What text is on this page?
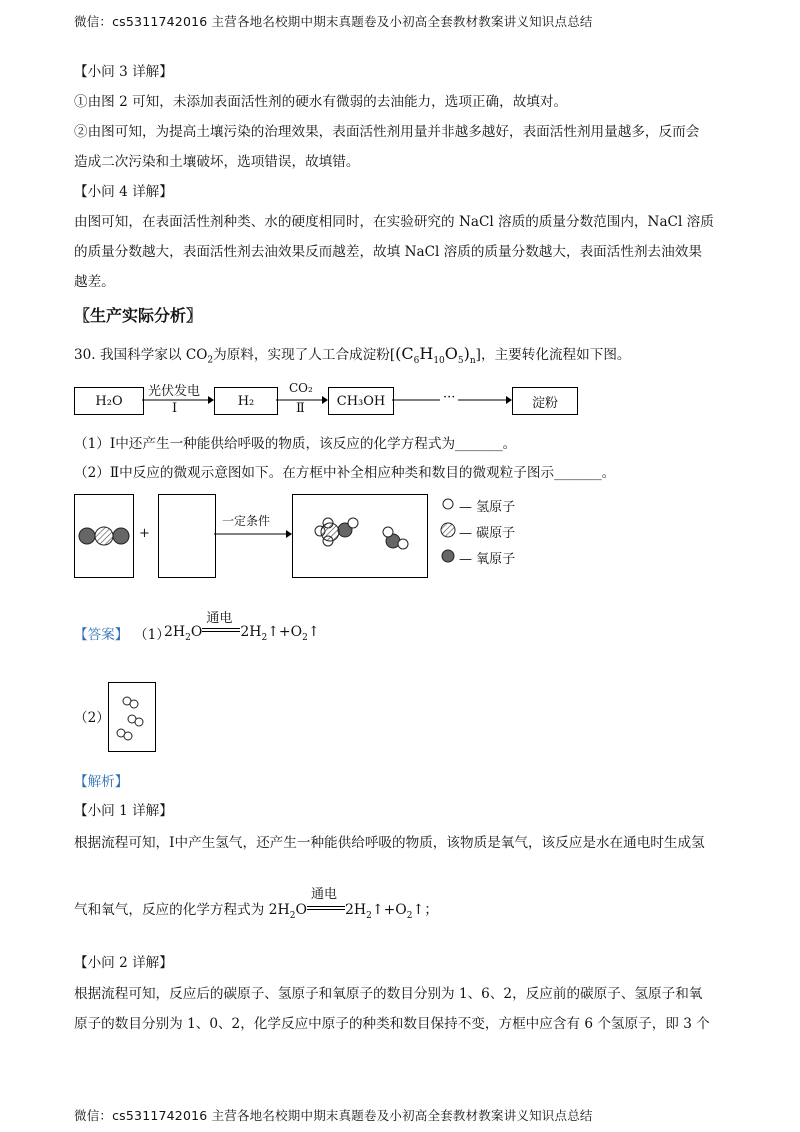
微信：cs5311742016 主营各地名校期中期末真题卷及小初高全套教材教案讲义知识点总结
【小问 3 详解】
①由图 2 可知，未添加表面活性剂的硬水有微弱的去油能力，选项正确，故填对。
②由图可知，为提高土壤污染的治理效果，表面活性剂用量并非越多越好，表面活性剂用量越多，反而会
造成二次污染和土壤破坏，选项错误，故填错。
【小问 4 详解】
由图可知，在表面活性剂种类、水的硬度相同时，在实验研究的 NaCl 溶质的质量分数范围内，NaCl 溶质
的质量分数越大，表面活性剂去油效果反而越差，故填 NaCl 溶质的质量分数越大，表面活性剂去油效果
越差。
〖生产实际分析〗
30. 我国科学家以 $CO_2$为原料，实现了人工合成淀粉$[(C_6H_{10}O_5)_n]$，主要转化流程如下图。
H₂O
光伏发电
Ⅰ	H₂
CO₂
Ⅱ	CH₃OH	···	淀粉
（1）Ⅰ中还产生一种能供给呼吸的物质，该反应的化学方程式为_______。
（2）Ⅱ中反应的微观示意图如下。在方框中补全相应种类和数目的微观粒子图示_______。
+
一定条件
— 氢原子
— 碳原子
— 氧原子
【答案】 （1）
$2H_2O$
通电
$2H_2↑+O_2↑$
（2）
【解析】
【小问 1 详解】
根据流程可知，Ⅰ中产生氢气，还产生一种能供给呼吸的物质，该物质是氧气，该反应是水在通电时生成氢
气和氧气，反应的化学方程式为 $2H_2O$
通电
$2H_2↑+O_2↑$；
【小问 2 详解】
根据流程可知，反应后的碳原子、氢原子和氧原子的数目分别为 1、6、2，反应前的碳原子、氢原子和氧
原子的数目分别为 1、0、2，化学反应中原子的种类和数目保持不变，方框中应含有 6 个氢原子，即 3 个
微信：cs5311742016 主营各地名校期中期末真题卷及小初高全套教材教案讲义知识点总结
